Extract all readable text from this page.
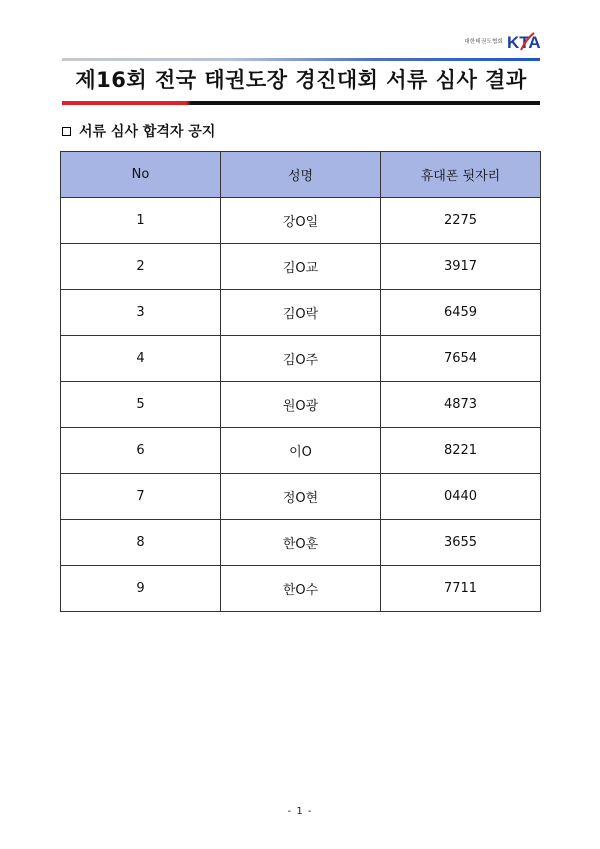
대한태권도협회 KTA
제16회 전국 태권도장 경진대회 서류 심사 결과
서류 심사 합격자 공지
No	성명	휴대폰 뒷자리
1	강O일	2275
2	김O교	3917
3	김O락	6459
4	김O주	7654
5	원O광	4873
6	이O	8221
7	정O현	0440
8	한O훈	3655
9	한O수	7711
- 1 -
